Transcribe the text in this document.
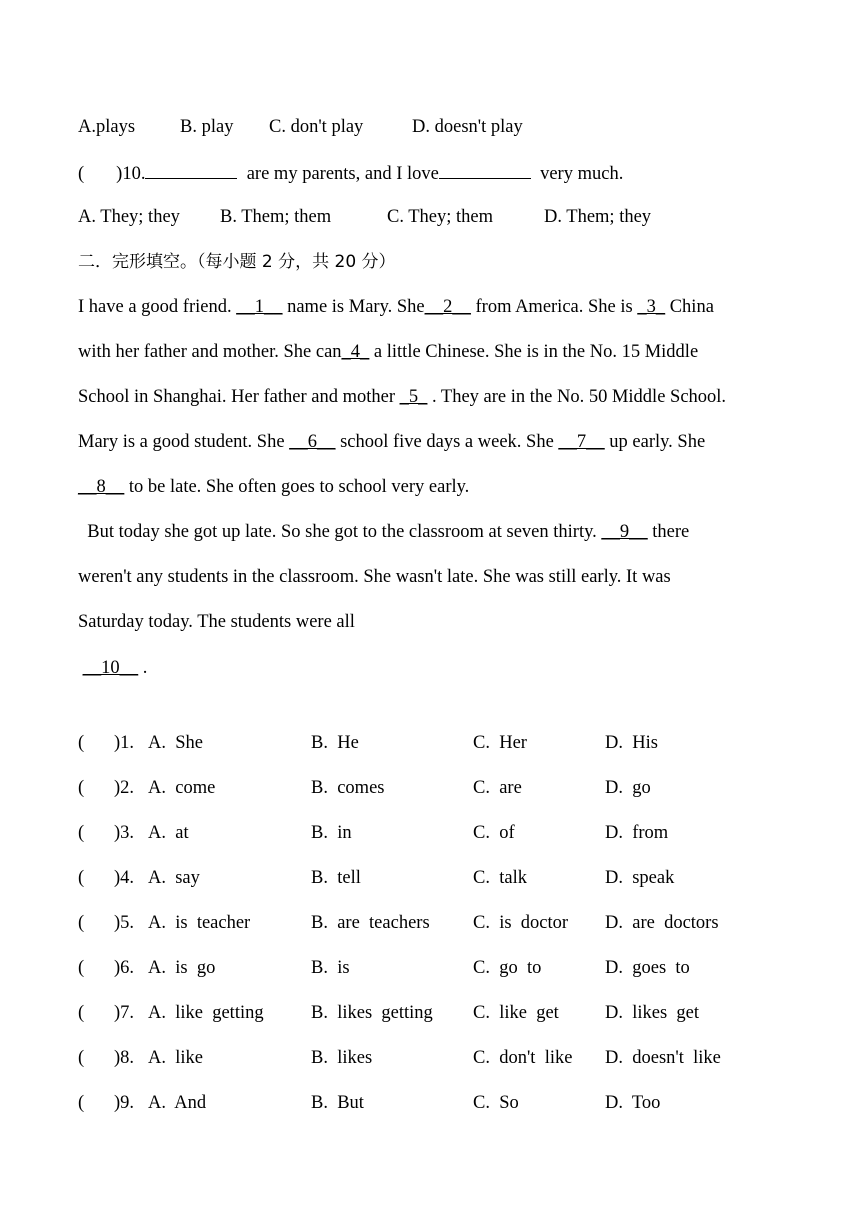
A.plays B. play C. don't play	D. doesn't play
( )10.	are my parents, and I love	very much.
A. They; they B. Them; them	C. They; them	D. Them; they
二．完形填空。（每小题 2 分，共 20 分）
I have a good friend. __1__ name is Mary. She__2__ from America. She is _3_ China
with her father and mother. She can_4_ a little Chinese. She is in the No. 15 Middle
School in Shanghai. Her father and mother _5_ . They are in the No. 50 Middle School.
Mary is a good student. She __6__ school five days a week. She __7__ up early. She
__8__ to be late. She often goes to school very early.
But today she got up late. So she got to the classroom at seven thirty. __9__ there
weren't any students in the classroom. She wasn't late. She was still early. It was
Saturday today. The students were all
__10__ .
( )1. A.  She	B.  He	C.  Her	D.  His
( )2. A.  come	B.  comes	C.  are	D.  go
( )3. A.  at	B.  in	C.  of	D.  from
( )4. A.  say	B.  tell	C.  talk	D.  speak
( )5. A.  is  teacher	B.  are  teachers C.  is  doctor D.  are  doctors
( )6. A.  is  go	B.  is	C.  go  to	D.  goes  to
( )7. A.  like  getting	B.  likes  getting C.  like  get D.  likes  get
( )8. A.  like	B.  likes	C.  don't  like D.  doesn't  like
( )9. A.  And	B.  But	C.  So	D.  Too
